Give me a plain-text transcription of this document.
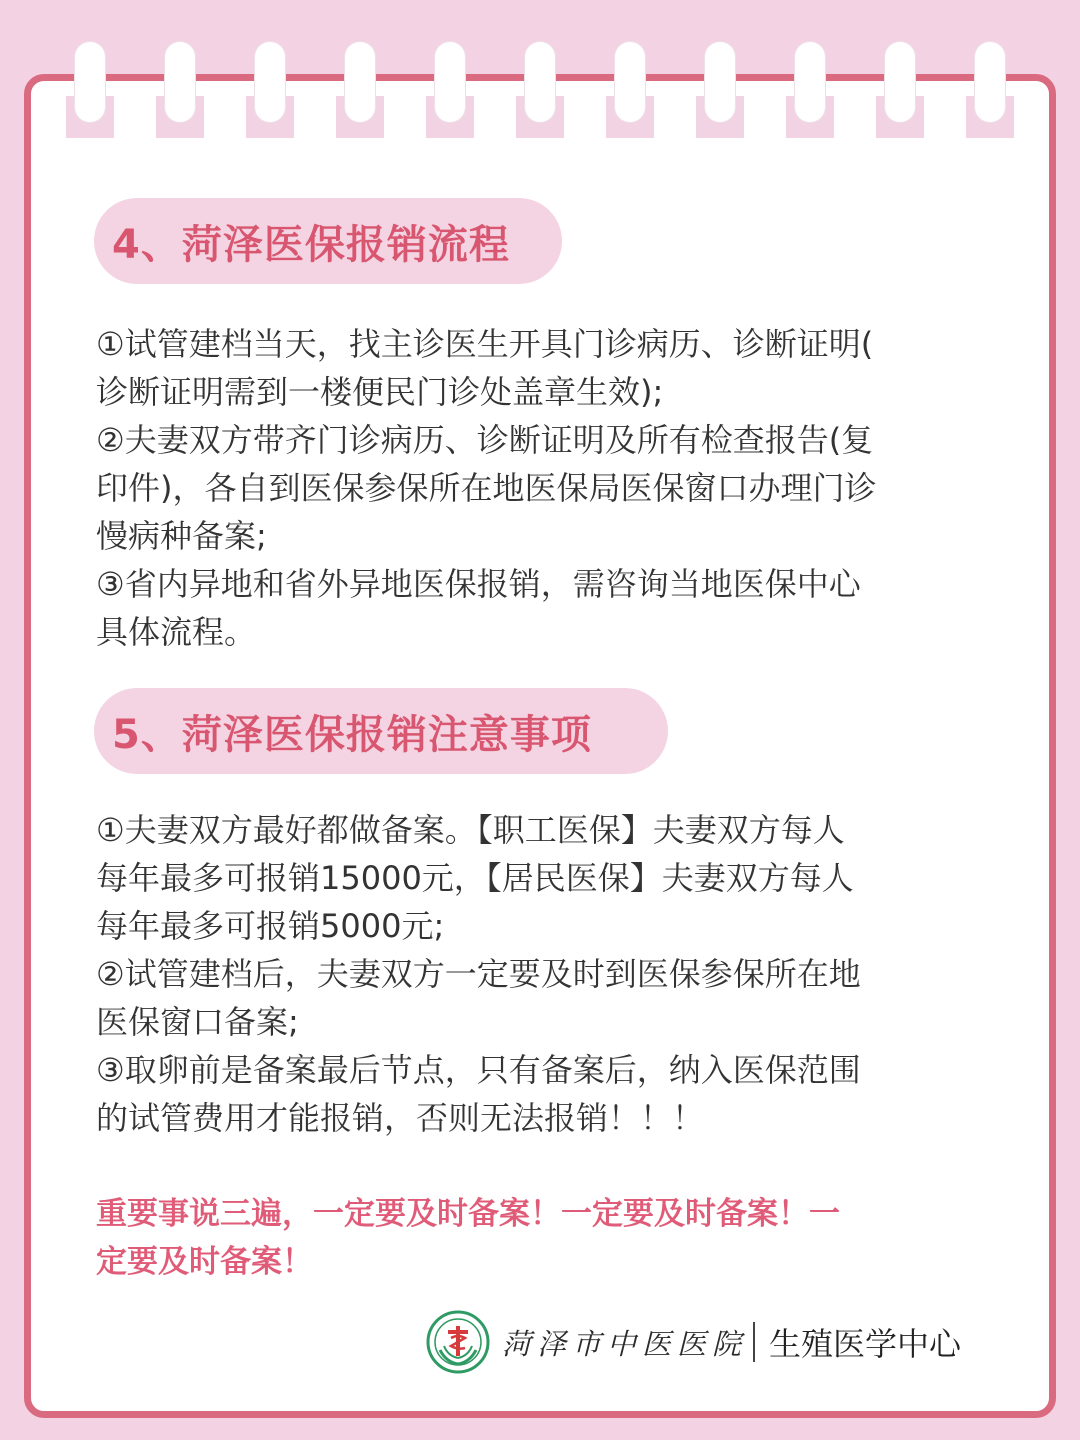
4、菏泽医保报销流程
①试管建档当天，找主诊医生开具门诊病历、诊断证明(
诊断证明需到一楼便民门诊处盖章生效);
②夫妻双方带齐门诊病历、诊断证明及所有检查报告(复
印件)，各自到医保参保所在地医保局医保窗口办理门诊
慢病种备案;
③省内异地和省外异地医保报销，需咨询当地医保中心
具体流程。
5、菏泽医保报销注意事项
①夫妻双方最好都做备案。【职工医保】夫妻双方每人
每年最多可报销15000元，【居民医保】夫妻双方每人
每年最多可报销5000元;
②试管建档后，夫妻双方一定要及时到医保参保所在地
医保窗口备案;
③取卵前是备案最后节点，只有备案后，纳入医保范围
的试管费用才能报销，否则无法报销！！！
重要事说三遍，一定要及时备案！一定要及时备案！一
定要及时备案！
菏泽市中医医院 生殖医学中心
